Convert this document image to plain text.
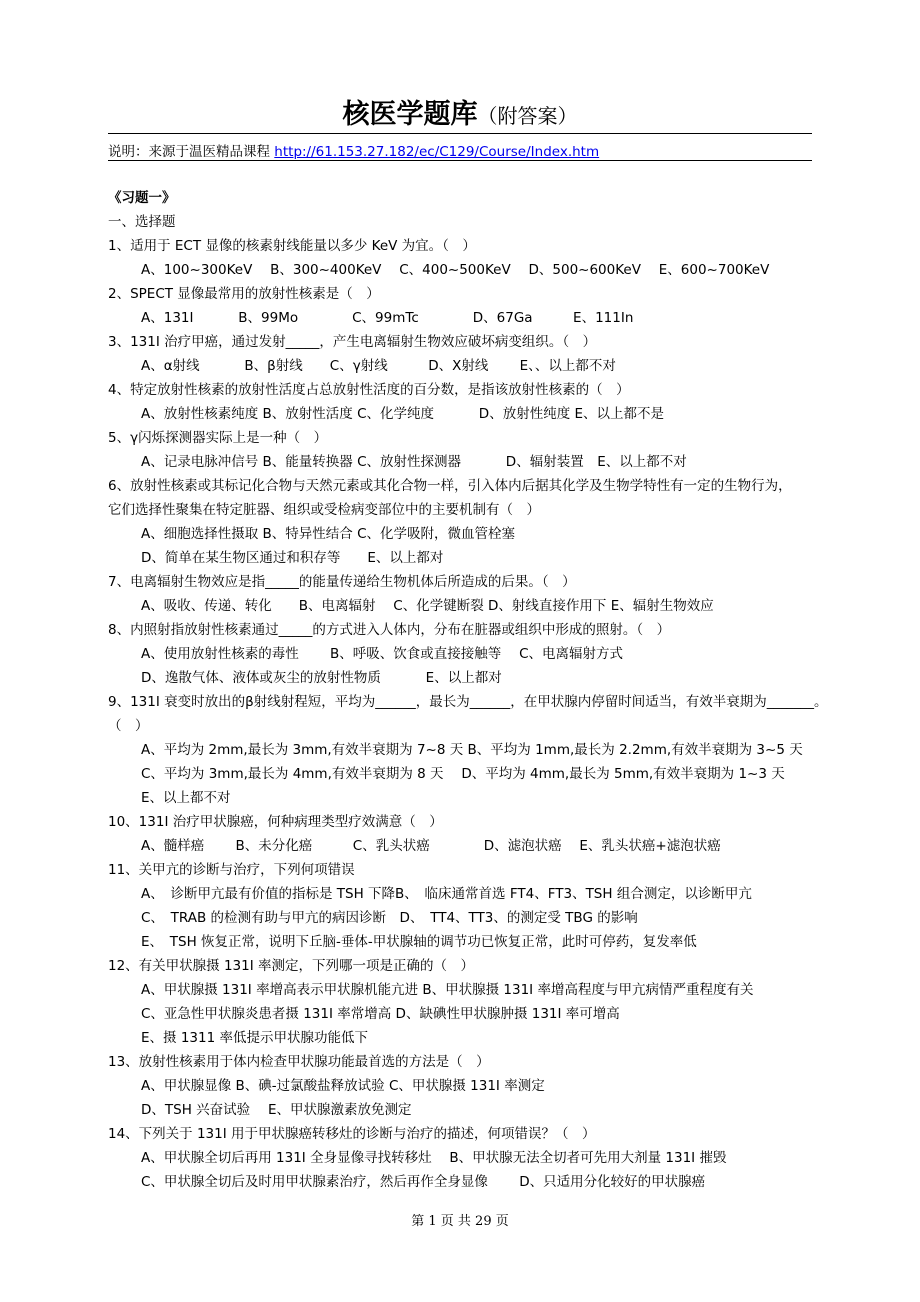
核医学题库（附答案）
说明：来源于温医精品课程 http://61.153.27.182/ec/C129/Course/Index.htm
《习题一》
一、选择题
1、适用于 ECT 显像的核素射线能量以多少 KeV 为宜。（　）
A、100~300KeV　 B、300~400KeV　 C、400~500KeV　 D、500~600KeV　 E、600~700KeV
2、SPECT 显像最常用的放射性核素是（　）
A、131I　　　 B、99Mo　　　　C、99mTc　　　　D、67Ga　　　E、111In
3、131I 治疗甲癌，通过发射_____，产生电离辐射生物效应破坏病变组织。（　）
A、α射线　　　 B、β射线　　C、γ射线　　　D、X射线　　 E、、以上都不对
4、特定放射性核素的放射性活度占总放射性活度的百分数，是指该放射性核素的（　）
A、放射性核素纯度 B、放射性活度 C、化学纯度　　　 D、放射性纯度 E、以上都不是
5、γ闪烁探测器实际上是一种（　）
A、记录电脉冲信号 B、能量转换器 C、放射性探测器　　　 D、辐射装置　E、以上都不对
6、放射性核素或其标记化合物与天然元素或其化合物一样，引入体内后据其化学及生物学特性有一定的生物行为，
它们选择性聚集在特定脏器、组织或受检病变部位中的主要机制有（　）
A、细胞选择性摄取 B、特异性结合 C、化学吸附，微血管栓塞
D、简单在某生物区通过和积存等　　E、以上都对
7、电离辐射生物效应是指_____的能量传递给生物机体后所造成的后果。（　）
A、吸收、传递、转化　　B、电离辐射　 C、化学键断裂 D、射线直接作用下 E、辐射生物效应
8、内照射指放射性核素通过_____的方式进入人体内，分布在脏器或组织中形成的照射。（　）
A、使用放射性核素的毒性　　 B、呼吸、饮食或直接接触等　 C、电离辐射方式
D、逸散气体、液体或灰尘的放射性物质　　　 E、以上都对
9、131I 衰变时放出的β射线射程短，平均为______，最长为______，在甲状腺内停留时间适当，有效半衰期为_______。
（　）
A、平均为 2mm,最长为 3mm,有效半衰期为 7~8 天 B、平均为 1mm,最长为 2.2mm,有效半衰期为 3~5 天
C、平均为 3mm,最长为 4mm,有效半衰期为 8 天　 D、平均为 4mm,最长为 5mm,有效半衰期为 1~3 天
E、以上都不对
10、131I 治疗甲状腺癌，何种病理类型疗效满意（　）
A、髓样癌　　 B、未分化癌　　　C、乳头状癌　　　　D、滤泡状癌　 E、乳头状癌+滤泡状癌
11、关甲亢的诊断与治疗，下列何项错误
A、　诊断甲亢最有价值的指标是 TSH 下降B、　临床通常首选 FT4、FT3、TSH 组合测定，以诊断甲亢
C、　TRAB 的检测有助与甲亢的病因诊断　D、　TT4、TT3、的测定受 TBG 的影响
E、　TSH 恢复正常，说明下丘脑-垂体-甲状腺轴的调节功已恢复正常，此时可停药，复发率低
12、有关甲状腺摄 131I 率测定，下列哪一项是正确的（　）
A、甲状腺摄 131I 率增高表示甲状腺机能亢进 B、甲状腺摄 131I 率增高程度与甲亢病情严重程度有关
C、亚急性甲状腺炎患者摄 131I 率常增高 D、缺碘性甲状腺肿摄 131I 率可增高
E、摄 1311 率低提示甲状腺功能低下
13、放射性核素用于体内检查甲状腺功能最首选的方法是（　）
A、甲状腺显像 B、碘-过氯酸盐释放试验 C、甲状腺摄 131I 率测定
D、TSH 兴奋试验　 E、甲状腺激素放免测定
14、下列关于 131I 用于甲状腺癌转移灶的诊断与治疗的描述，何项错误？（　）
A、甲状腺全切后再用 131I 全身显像寻找转移灶　 B、甲状腺无法全切者可先用大剂量 131I 摧毁
C、甲状腺全切后及时用甲状腺素治疗，然后再作全身显像　　 D、只适用分化较好的甲状腺癌
第 1 页 共 29 页
